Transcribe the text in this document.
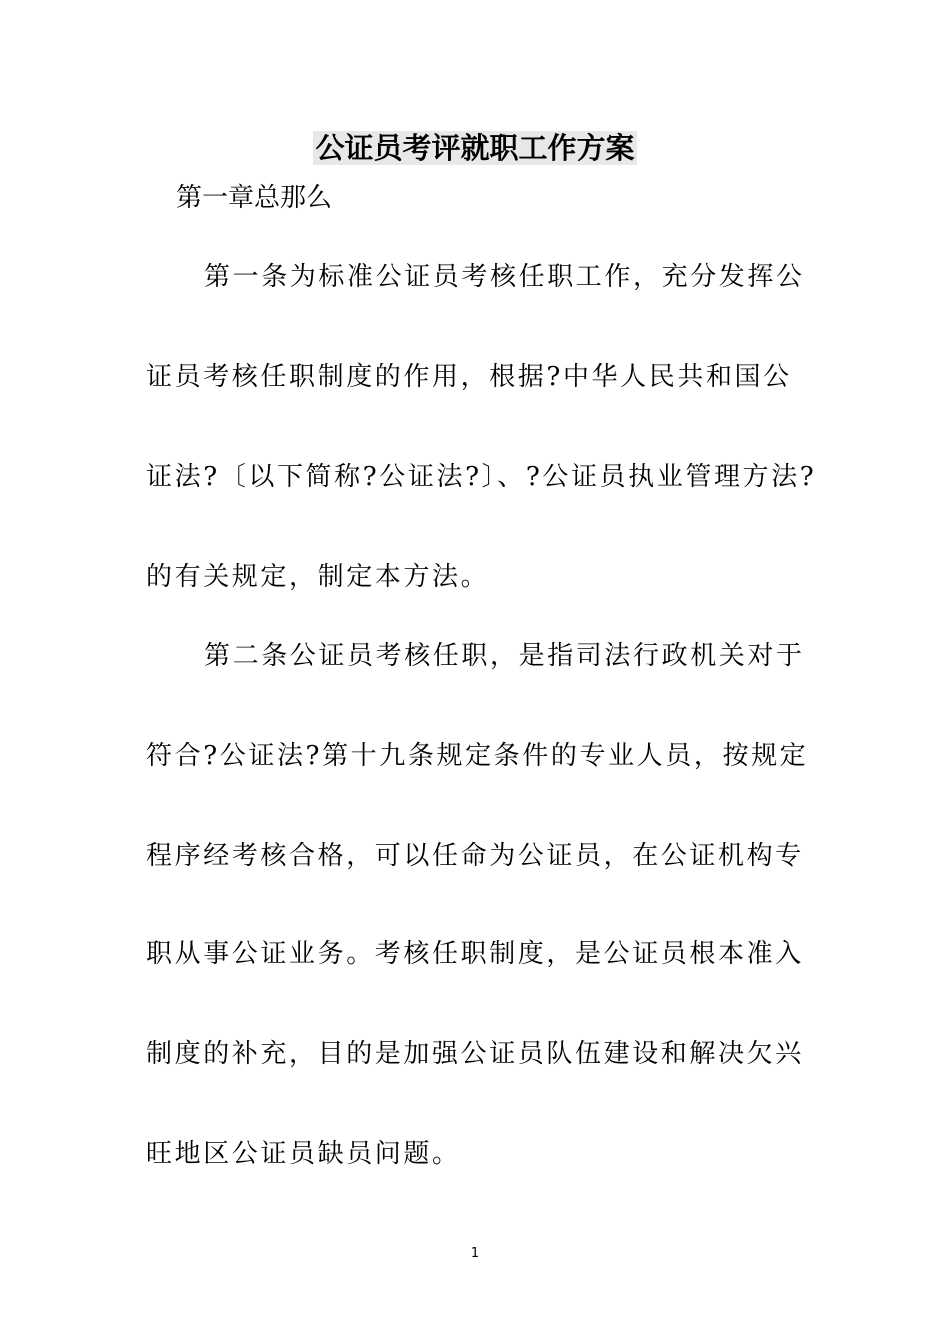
公证员考评就职工作方案

第一章总那么

第一条为标准公证员考核任职工作，充分发挥公

证员考核任职制度的作用，根据?中华人民共和国公

证法?〔以下简称?公证法?〕、?公证员执业管理方法?

的有关规定，制定本方法。

第二条公证员考核任职，是指司法行政机关对于

符合?公证法?第十九条规定条件的专业人员，按规定

程序经考核合格，可以任命为公证员，在公证机构专

职从事公证业务。考核任职制度，是公证员根本准入

制度的补充，目的是加强公证员队伍建设和解决欠兴

旺地区公证员缺员问题。

1
